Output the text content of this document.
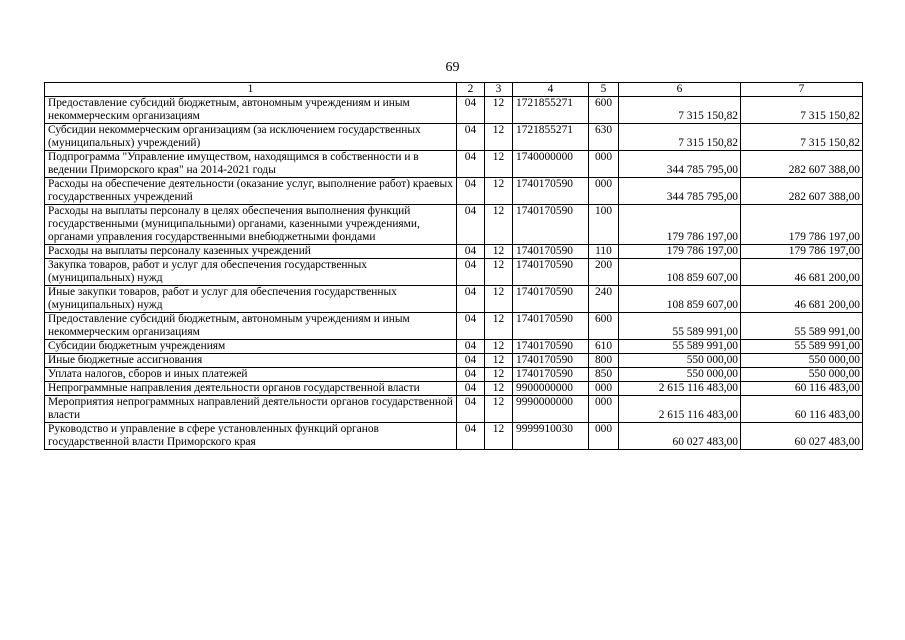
69
1	2	3	4	5	6	7
Предоставление субсидий бюджетным, автономным учреждениям и иным некоммерческим организациям	04	12	1721855271	600	7 315 150,82	7 315 150,82
Субсидии некоммерческим организациям (за исключением государственных (муниципальных) учреждений)	04	12	1721855271	630	7 315 150,82	7 315 150,82
Подпрограмма "Управление имуществом, находящимся в собственности и в ведении Приморского края" на 2014-2021 годы	04	12	1740000000	000	344 785 795,00	282 607 388,00
Расходы на обеспечение деятельности (оказание услуг, выполнение работ) краевых государственных учреждений	04	12	1740170590	000	344 785 795,00	282 607 388,00
Расходы на выплаты персоналу в целях обеспечения выполнения функций государственными (муниципальными) органами, казенными учреждениями, органами управления государственными внебюджетными фондами	04	12	1740170590	100	179 786 197,00	179 786 197,00
Расходы на выплаты персоналу казенных учреждений	04	12	1740170590	110	179 786 197,00	179 786 197,00
Закупка товаров, работ и услуг для обеспечения государственных (муниципальных) нужд	04	12	1740170590	200	108 859 607,00	46 681 200,00
Иные закупки товаров, работ и услуг для обеспечения государственных (муниципальных) нужд	04	12	1740170590	240	108 859 607,00	46 681 200,00
Предоставление субсидий бюджетным, автономным учреждениям и иным некоммерческим организациям	04	12	1740170590	600	55 589 991,00	55 589 991,00
Субсидии бюджетным учреждениям	04	12	1740170590	610	55 589 991,00	55 589 991,00
Иные бюджетные ассигнования	04	12	1740170590	800	550 000,00	550 000,00
Уплата налогов, сборов и иных платежей	04	12	1740170590	850	550 000,00	550 000,00
Непрограммные направления деятельности органов государственной власти	04	12	9900000000	000	2 615 116 483,00	60 116 483,00
Мероприятия непрограммных направлений деятельности органов государственной власти	04	12	9990000000	000	2 615 116 483,00	60 116 483,00
Руководство и управление в сфере установленных функций органов государственной власти Приморского края	04	12	9999910030	000	60 027 483,00	60 027 483,00
